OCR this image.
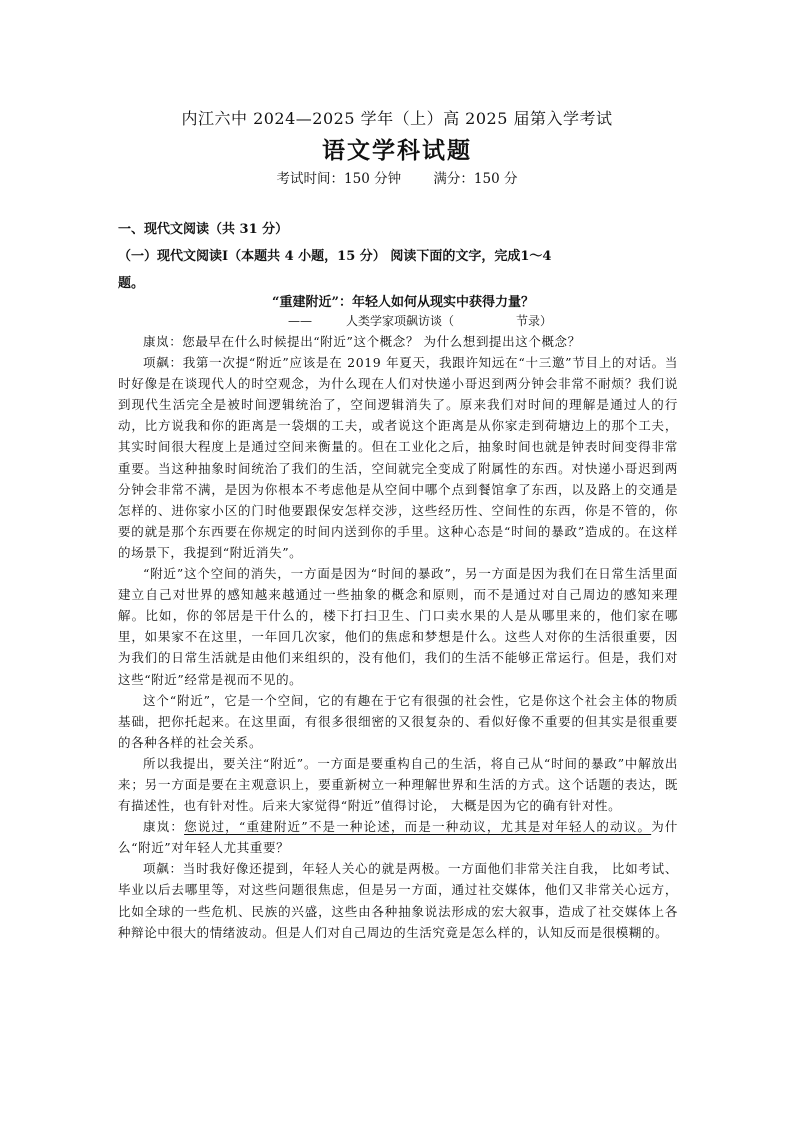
内江六中 2024—2025 学年（上）高 2025 届第入学考试
语文学科试题
考试时间：150 分钟 满分：150 分
一、现代文阅读（共 31 分）
（一）现代文阅读Ⅰ（本题共 4 小题，15 分） 阅读下面的文字，完成1～4 题。
“重建附近”：年轻人如何从现实中获得力量？
——	人类学家项飙访谈（	节录）

康岚：您最早在什么时候提出“附近”这个概念？ 为什么想到提出这个概念？

项飙：我第一次提“附近”应该是在 2019 年夏天，我跟许知远在“十三邀”节目上的对话。当时好像是在谈现代人的时空观念，为什么现在人们对快递小哥迟到两分钟会非常不耐烦？我们说到现代生活完全是被时间逻辑统治了，空间逻辑消失了。原来我们对时间的理解是通过人的行动，比方说我和你的距离是一袋烟的工夫，或者说这个距离是从你家走到荷塘边上的那个工夫，其实时间很大程度上是通过空间来衡量的。但在工业化之后，抽象时间也就是钟表时间变得非常重要。当这种抽象时间统治了我们的生活，空间就完全变成了附属性的东西。对快递小哥迟到两分钟会非常不满，是因为你根本不考虑他是从空间中哪个点到餐馆拿了东西，以及路上的交通是怎样的、进你家小区的门时他要跟保安怎样交涉，这些经历性、空间性的东西，你是不管的，你要的就是那个东西要在你规定的时间内送到你的手里。这种心态是“时间的暴政”造成的。在这样的场景下，我提到“附近消失”。

“附近”这个空间的消失，一方面是因为“时间的暴政”，另一方面是因为我们在日常生活里面建立自己对世界的感知越来越通过一些抽象的概念和原则，而不是通过对自己周边的感知来理解。比如，你的邻居是干什么的，楼下打扫卫生、门口卖水果的人是从哪里来的，他们家在哪里，如果家不在这里，一年回几次家，他们的焦虑和梦想是什么。这些人对你的生活很重要，因为我们的日常生活就是由他们来组织的，没有他们，我们的生活不能够正常运行。但是，我们对这些“附近”经常是视而不见的。

这个“附近”，它是一个空间，它的有趣在于它有很强的社会性，它是你这个社会主体的物质基础，把你托起来。在这里面，有很多很细密的又很复杂的、看似好像不重要的但其实是很重要的各种各样的社会关系。

所以我提出，要关注“附近”。一方面是要重构自己的生活，将自己从“时间的暴政”中解放出来；另一方面是要在主观意识上，要重新树立一种理解世界和生活的方式。这个话题的表达，既有描述性，也有针对性。后来大家觉得“附近”值得讨论， 大概是因为它的确有针对性。

康岚：您说过，“重建附近”不是一种论述，而是一种动议，尤其是对年轻人的动议。为什么“附近”对年轻人尤其重要？

项飙：当时我好像还提到，年轻人关心的就是两极。一方面他们非常关注自我， 比如考试、毕业以后去哪里等，对这些问题很焦虑，但是另一方面，通过社交媒体，他们又非常关心远方，比如全球的一些危机、民族的兴盛，这些由各种抽象说法形成的宏大叙事，造成了社交媒体上各种辩论中很大的情绪波动。但是人们对自己周边的生活究竟是怎么样的，认知反而是很模糊的。
